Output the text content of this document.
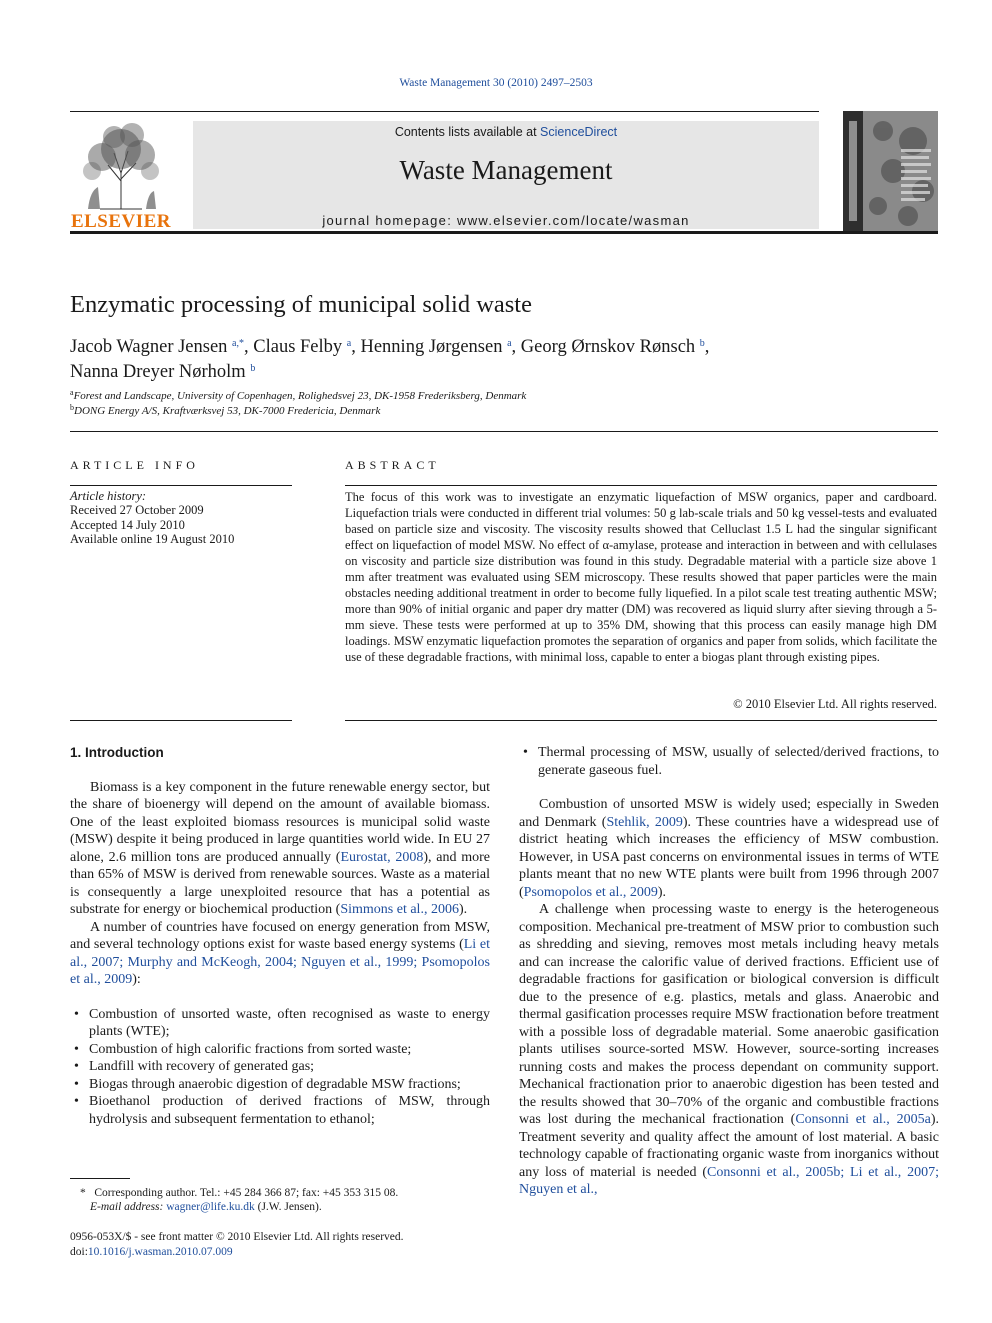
Waste Management 30 (2010) 2497–2503
ELSEVIER
Contents lists available at ScienceDirect
Waste Management
journal homepage: www.elsevier.com/locate/wasman
Enzymatic processing of municipal solid waste
Jacob Wagner Jensen $^{a,*}$, Claus Felby $^a$, Henning Jørgensen $^a$, Georg Ørnskov Rønsch $^b$,
Nanna Dreyer Nørholm $^b$
$^a$Forest and Landscape, University of Copenhagen, Rolighedsvej 23, DK-1958 Frederiksberg, Denmark
$^b$DONG Energy A/S, Kraftværksvej 53, DK-7000 Fredericia, Denmark
ARTICLE INFO
Article history:
Received 27 October 2009
Accepted 14 July 2010
Available online 19 August 2010
ABSTRACT
The focus of this work was to investigate an enzymatic liquefaction of MSW organics, paper and cardboard. Liquefaction trials were conducted in different trial volumes: 50 g lab-scale trials and 50 kg vessel-tests and evaluated based on particle size and viscosity. The viscosity results showed that Celluclast 1.5 L had the singular significant effect on liquefaction of model MSW. No effect of α-amylase, protease and interaction in between and with cellulases on viscosity and particle size distribution was found in this study. Degradable material with a particle size above 1 mm after treatment was evaluated using SEM microscopy. These results showed that paper particles were the main obstacles needing additional treatment in order to become fully liquefied. In a pilot scale test treating authentic MSW; more than 90% of initial organic and paper dry matter (DM) was recovered as liquid slurry after sieving through a 5-mm sieve. These tests were performed at up to 35% DM, showing that this process can easily manage high DM loadings. MSW enzymatic liquefaction promotes the separation of organics and paper from solids, which facilitate the use of these degradable fractions, with minimal loss, capable to enter a biogas plant through existing pipes.
© 2010 Elsevier Ltd. All rights reserved.

1. Introduction

Biomass is a key component in the future renewable energy sector, but the share of bioenergy will depend on the amount of available biomass. One of the least exploited biomass resources is municipal solid waste (MSW) despite it being produced in large quantities world wide. In EU 27 alone, 2.6 million tons are produced annually (Eurostat, 2008), and more than 65% of MSW is derived from renewable sources. Waste as a material is consequently a large unexploited resource that has a potential as substrate for energy or biochemical production (Simmons et al., 2006).

A number of countries have focused on energy generation from MSW, and several technology options exist for waste based energy systems (Li et al., 2007; Murphy and McKeogh, 2004; Nguyen et al., 1999; Psomopolos et al., 2009):

• Combustion of unsorted waste, often recognised as waste to energy plants (WTE);
• Combustion of high calorific fractions from sorted waste;
• Landfill with recovery of generated gas;
• Biogas through anaerobic digestion of degradable MSW fractions;
• Bioethanol production of derived fractions of MSW, through hydrolysis and subsequent fermentation to ethanol;
• Thermal processing of MSW, usually of selected/derived fractions, to generate gaseous fuel.

Combustion of unsorted MSW is widely used; especially in Sweden and Denmark (Stehlik, 2009). These countries have a widespread use of district heating which increases the efficiency of MSW combustion. However, in USA past concerns on environmental issues in terms of WTE plants meant that no new WTE plants were built from 1996 through 2007 (Psomopolos et al., 2009).

A challenge when processing waste to energy is the heterogeneous composition. Mechanical pre-treatment of MSW prior to combustion such as shredding and sieving, removes most metals including heavy metals and can increase the calorific value of derived fractions. Efficient use of degradable fractions for gasification or biological conversion is difficult due to the presence of e.g. plastics, metals and glass. Anaerobic and thermal gasification processes require MSW fractionation before treatment with a possible loss of degradable material. Some anaerobic gasification plants utilises source-sorted MSW. However, source-sorting increases running costs and makes the process dependant on community support. Mechanical fractionation prior to anaerobic digestion has been tested and the results showed that 30–70% of the organic and combustible fractions was lost during the mechanical fractionation (Consonni et al., 2005a). Treatment severity and quality affect the amount of lost material. A basic technology capable of fractionating organic waste from inorganics without any loss of material is needed (Consonni et al., 2005b; Li et al., 2007; Nguyen et al.,

* Corresponding author. Tel.: +45 284 366 87; fax: +45 353 315 08.
E-mail address: wagner@life.ku.dk (J.W. Jensen).
0956-053X/$ - see front matter © 2010 Elsevier Ltd. All rights reserved.
doi:10.1016/j.wasman.2010.07.009
